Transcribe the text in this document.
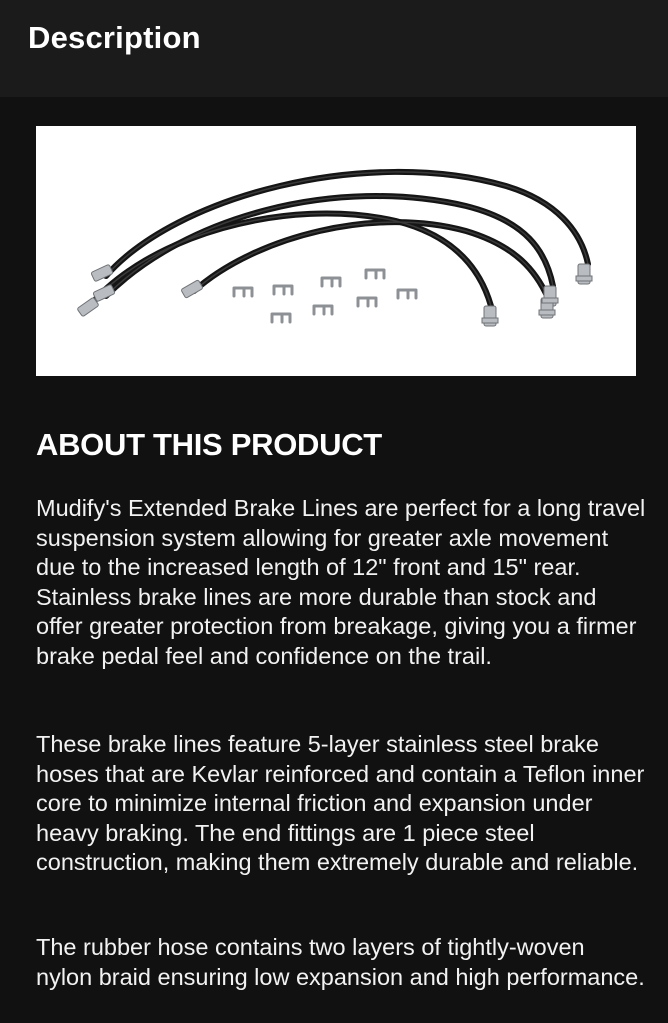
Description
ABOUT THIS PRODUCT

Mudify's Extended Brake Lines are perfect for a long travel suspension system allowing for greater axle movement due to the increased length of 12" front and 15" rear. Stainless brake lines are more durable than stock and offer greater protection from breakage, giving you a firmer brake pedal feel and confidence on the trail.

These brake lines feature 5-layer stainless steel brake hoses that are Kevlar reinforced and contain a Teflon inner core to minimize internal friction and expansion under heavy braking. The end fittings are 1 piece steel construction, making them extremely durable and reliable.

The rubber hose contains two layers of tightly-woven nylon braid ensuring low expansion and high performance.
